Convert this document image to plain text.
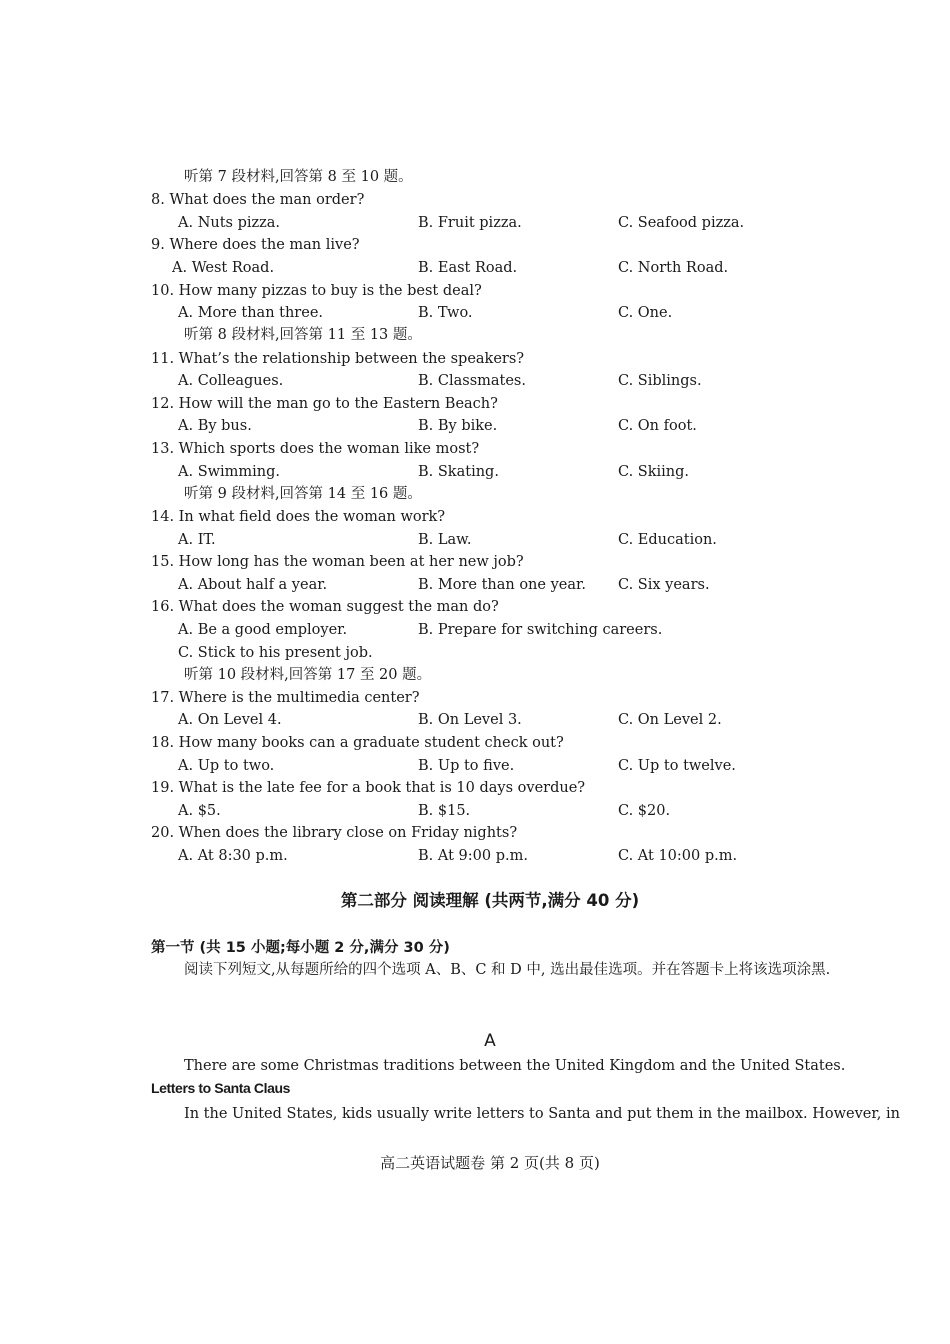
听第 7 段材料,回答第 8 至 10 题。
8. What does the man order?
A. Nuts pizza.	B. Fruit pizza.	C. Seafood pizza.
9. Where does the man live?
A. West Road.	B. East Road.	C. North Road.
10. How many pizzas to buy is the best deal?
A. More than three.	B. Two.	C. One.
听第 8 段材料,回答第 11 至 13 题。
11. What’s the relationship between the speakers?
A. Colleagues.	B. Classmates.	C. Siblings.
12. How will the man go to the Eastern Beach?
A. By bus.	B. By bike.	C. On foot.
13. Which sports does the woman like most?
A. Swimming.	B. Skating.	C. Skiing.
听第 9 段材料,回答第 14 至 16 题。
14. In what field does the woman work?
A. IT.	B. Law.	C. Education.
15. How long has the woman been at her new job?
A. About half a year.	B. More than one year. C. Six years.
16. What does the woman suggest the man do?
A. Be a good employer.	B. Prepare for switching careers.
C. Stick to his present job.
听第 10 段材料,回答第 17 至 20 题。
17. Where is the multimedia center?
A. On Level 4.	B. On Level 3.	C. On Level 2.
18. How many books can a graduate student check out?
A. Up to two.	B. Up to five.	C. Up to twelve.
19. What is the late fee for a book that is 10 days overdue?
A. $5.	B. $15.	C. $20.
20. When does the library close on Friday nights?
A. At 8:30 p.m.	B. At 9:00 p.m.	C. At 10:00 p.m.
第二部分 阅读理解 (共两节,满分 40 分)
第一节 (共 15 小题;每小题 2 分,满分 30 分)
阅读下列短文,从每题所给的四个选项 A、B、C 和 D 中, 选出最佳选项。并在答题卡上将该选项涂黑.
A
There are some Christmas traditions between the United Kingdom and the United States.
Letters to Santa Claus
In the United States, kids usually write letters to Santa and put them in the mailbox. However, in
高二英语试题卷 第 2 页(共 8 页)
